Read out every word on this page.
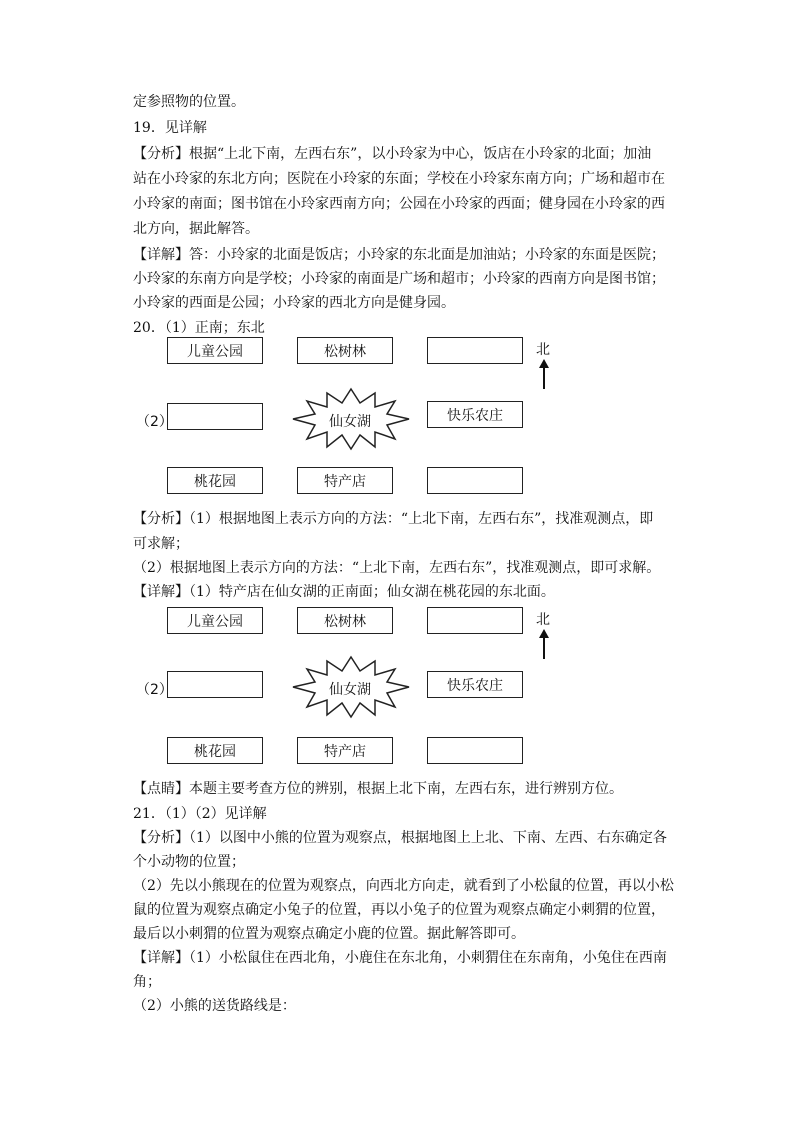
定参照物的位置。
19．见详解
【分析】根据“上北下南，左西右东”，以小玲家为中心，饭店在小玲家的北面；加油
站在小玲家的东北方向；医院在小玲家的东面；学校在小玲家东南方向；广场和超市在
小玲家的南面；图书馆在小玲家西南方向；公园在小玲家的西面；健身园在小玲家的西
北方向，据此解答。
【详解】答：小玲家的北面是饭店；小玲家的东北面是加油站；小玲家的东面是医院；
小玲家的东南方向是学校；小玲家的南面是广场和超市；小玲家的西南方向是图书馆；
小玲家的西面是公园；小玲家的西北方向是健身园。
20．（1）正南；东北
儿童公园	松树林	北
（2）	仙女湖	快乐农庄
桃花园	特产店
【分析】（1）根据地图上表示方向的方法：“上北下南，左西右东”，找准观测点，即
可求解；
（2）根据地图上表示方向的方法：“上北下南，左西右东”，找准观测点，即可求解。
【详解】（1）特产店在仙女湖的正南面；仙女湖在桃花园的东北面。
儿童公园	松树林	北
（2）	仙女湖	快乐农庄
桃花园	特产店
【点睛】本题主要考查方位的辨别，根据上北下南，左西右东，进行辨别方位。
21．（1）（2）见详解
【分析】（1）以图中小熊的位置为观察点，根据地图上上北、下南、左西、右东确定各
个小动物的位置；
（2）先以小熊现在的位置为观察点，向西北方向走，就看到了小松鼠的位置，再以小松
鼠的位置为观察点确定小兔子的位置，再以小兔子的位置为观察点确定小刺猬的位置，
最后以小刺猬的位置为观察点确定小鹿的位置。据此解答即可。
【详解】（1）小松鼠住在西北角，小鹿住在东北角，小刺猬住在东南角，小兔住在西南
角；
（2）小熊的送货路线是：
